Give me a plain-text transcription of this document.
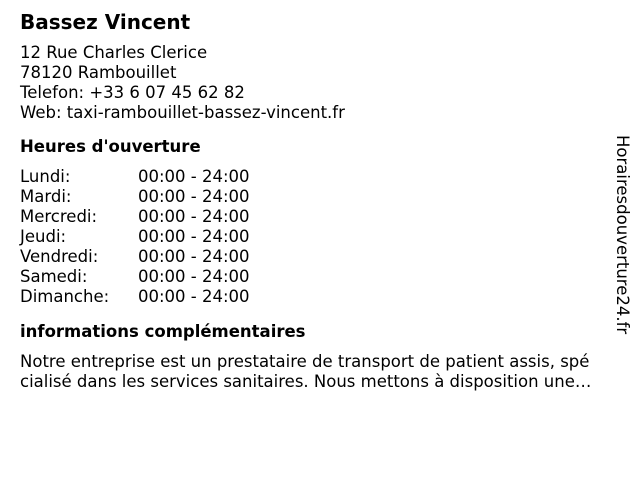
Bassez Vincent
12 Rue Charles Clerice
78120 Rambouillet
Telefon: +33 6 07 45 62 82
Web: taxi-rambouillet-bassez-vincent.fr
Heures d'ouverture
Lundi:	00:00 - 24:00
Mardi:	00:00 - 24:00
Mercredi:	00:00 - 24:00
Jeudi:	00:00 - 24:00
Vendredi:	00:00 - 24:00
Samedi:	00:00 - 24:00
Dimanche:	00:00 - 24:00
informations complémentaires
Notre entreprise est un prestataire de transport de patient assis, spé
cialisé dans les services sanitaires. Nous mettons à disposition une…
Horairesdouverture24.fr
